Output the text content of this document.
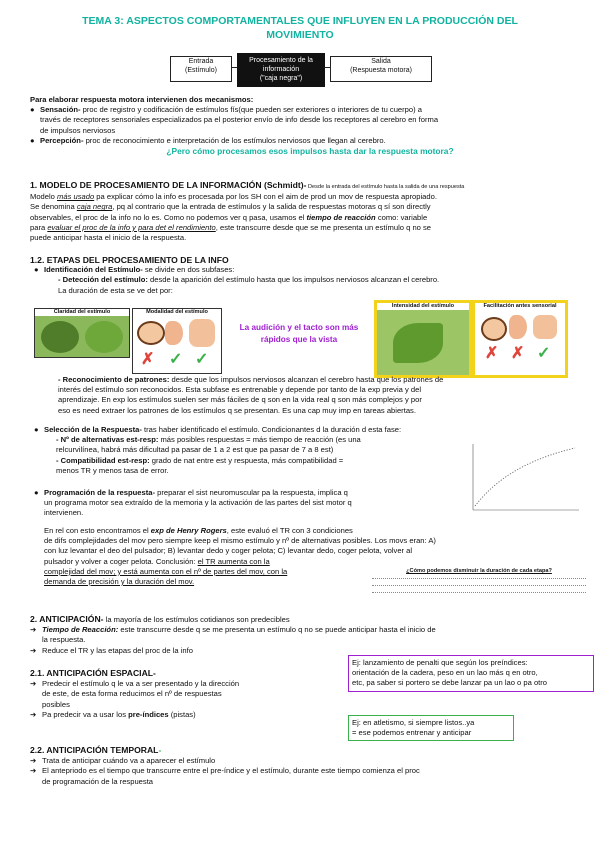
TEMA 3: ASPECTOS COMPORTAMENTALES QUE INFLUYEN EN LA PRODUCCIÓN DEL
MOVIMIENTO
Entrada
(Estímulo)
Procesamiento de la
información
("caja negra")
Salida
(Respuesta motora)
Para elaborar respuesta motora intervienen dos mecanismos:
● Sensación- proc de registro y codificación de estímulos fís(que pueden ser exteriores o interiores de tu cuerpo) a
través de receptores sensoriales especializados pa el posterior envío de info desde los receptores al cerebro en forma
de impulsos nerviosos
● Percepción- proc de reconocimiento e interpretación de los estímulos nerviosos que llegan al cerebro.
¿Pero cómo procesamos esos impulsos hasta dar la respuesta motora?
1. MODELO DE PROCESAMIENTO DE LA INFORMACIÓN (Schmidt)- Desde la entrada del estímulo hasta la salida de una respuesta
Modelo más usado pa explicar cómo la info es procesada por los SH con el aim de prod un mov de respuesta apropiado.
Se denomina caja negra, pq al contrario que la entrada de estímulos y la salida de respuestas motoras q sí son directly
observables, el proc de la info no lo es. Como no podemos ver q pasa, usamos el tiempo de reacción como: variable
para evaluar el proc de la info y para det el rendimiento, este transcurre desde que se me presenta un estímulo q no se
puede anticipar hasta el inicio de la respuesta.
1.2. ETAPAS DEL PROCESAMIENTO DE LA INFO
● Identificación del Estímulo- se divide en dos subfases:
- Detección del estímulo: desde la aparición del estímulo hasta que los impulsos nerviosos alcanzan el cerebro.
La duración de esta se ve det por:
Claridad del estímulo	Modalidad del estímulo
✗ ✓ ✓
La audición y el tacto son más
rápidos que la vista
Intensidad del estímulo	Facilitación antes sensorial
✗ ✗ ✓
- Reconocimiento de patrones: desde que los impulsos nerviosos alcanzan el cerebro hasta que los patrones de
interés del estímulo son reconocidos. Esta subfase es entrenable y depende por tanto de la exp previa y del
aprendizaje. En exp los estímulos suelen ser más fáciles de q son en la vida real q son más complejos y por
eso es need extraer los patrones de los estímulos q se presentan. Es una cap muy imp en tareas abiertas.
● Selección de la Respuesta- tras haber identificado el estímulo. Condicionantes d la duración d esta fase:
- Nº de alternativas est-resp: más posibles respuestas = más tiempo de reacción (es una
relcurvilínea, habrá más dificultad pa pasar de 1 a 2 est que pa pasar de 7 a 8 est)
- Compatibilidad est-resp: grado de nat entre est y respuesta, más compatibilidad =
menos TR y menos tasa de error.
● Programación de la respuesta- preparar el sist neuromuscular pa la respuesta, implica q
un programa motor sea extraído de la memoria y la activación de las partes del sist motor q
intervienen.
En rel con esto encontramos el exp de Henry Rogers, este evaluó el TR con 3 condiciones
de difs complejidades del mov pero siempre keep el mismo estímulo y nº de alternativas posibles. Los movs eran: A)
con luz levantar el deo del pulsador; B) levantar dedo y coger pelota; C) levantar dedo, coger pelota, volver al
pulsador y volver a coger pelota. Conclusión: el TR aumenta con la
complejidad del mov; y está aumenta con el nº de partes del mov, con la
demanda de precisión y la duración del mov.
¿Cómo podemos disminuir la duración de cada etapa?
2. ANTICIPACIÓN- la mayoría de los estímulos cotidianos son predecibles
➔ Tiempo de Reacción: este transcurre desde q se me presenta un estímulo q no se puede anticipar hasta el inicio de
la respuesta.
➔ Reduce el TR y las etapas del proc de la info
2.1. ANTICIPACIÓN ESPACIAL-
➔ Predecir el estímulo q le va a ser presentado y la dirección
de este, de esta forma reducimos el nº de respuestas
posibles
➔ Pa predecir va a usar los pre-índices (pistas)
Ej: lanzamiento de penalti que según los preíndices:
orientación de la cadera, peso en un lao más q en otro,
etc, pa saber si portero se debe lanzar pa un lao o pa otro
Ej: en atletismo, si siempre listos..ya
= ese podemos entrenar y anticipar
2.2. ANTICIPACIÓN TEMPORAL-
➔ Trata de anticipar cuándo va a aparecer el estímulo
➔ El antepriodo es el tiempo que transcurre entre el pre-índice y el estímulo, durante este tiempo comienza el proc
de programación de la respuesta
